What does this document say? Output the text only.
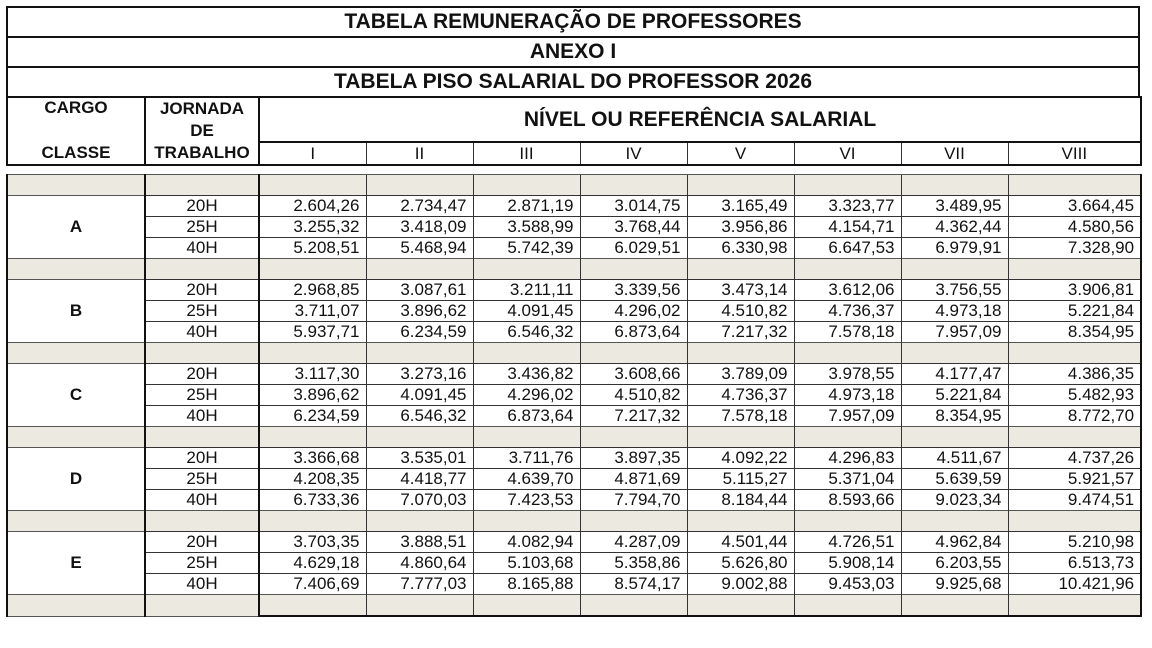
TABELA REMUNERAÇÃO DE PROFESSORES
ANEXO I
TABELA PISO SALARIAL DO PROFESSOR 2026
CARGO	JORNADA	NÍVEL OU REFERÊNCIA SALARIAL							
	DE								
CLASSE	TRABALHO	I	II	III	IV	V	VI	VII	VIII

A	20H	2.604,26	2.734,47	2.871,19	3.014,75	3.165,49	3.323,77	3.489,95	3.664,45
	25H	3.255,32	3.418,09	3.588,99	3.768,44	3.956,86	4.154,71	4.362,44	4.580,56
	40H	5.208,51	5.468,94	5.742,39	6.029,51	6.330,98	6.647,53	6.979,91	7.328,90

B	20H	2.968,85	3.087,61	3.211,11	3.339,56	3.473,14	3.612,06	3.756,55	3.906,81
	25H	3.711,07	3.896,62	4.091,45	4.296,02	4.510,82	4.736,37	4.973,18	5.221,84
	40H	5.937,71	6.234,59	6.546,32	6.873,64	7.217,32	7.578,18	7.957,09	8.354,95

C	20H	3.117,30	3.273,16	3.436,82	3.608,66	3.789,09	3.978,55	4.177,47	4.386,35
	25H	3.896,62	4.091,45	4.296,02	4.510,82	4.736,37	4.973,18	5.221,84	5.482,93
	40H	6.234,59	6.546,32	6.873,64	7.217,32	7.578,18	7.957,09	8.354,95	8.772,70

D	20H	3.366,68	3.535,01	3.711,76	3.897,35	4.092,22	4.296,83	4.511,67	4.737,26
	25H	4.208,35	4.418,77	4.639,70	4.871,69	5.115,27	5.371,04	5.639,59	5.921,57
	40H	6.733,36	7.070,03	7.423,53	7.794,70	8.184,44	8.593,66	9.023,34	9.474,51

E	20H	3.703,35	3.888,51	4.082,94	4.287,09	4.501,44	4.726,51	4.962,84	5.210,98
	25H	4.629,18	4.860,64	5.103,68	5.358,86	5.626,80	5.908,14	6.203,55	6.513,73
	40H	7.406,69	7.777,03	8.165,88	8.574,17	9.002,88	9.453,03	9.925,68	10.421,96
